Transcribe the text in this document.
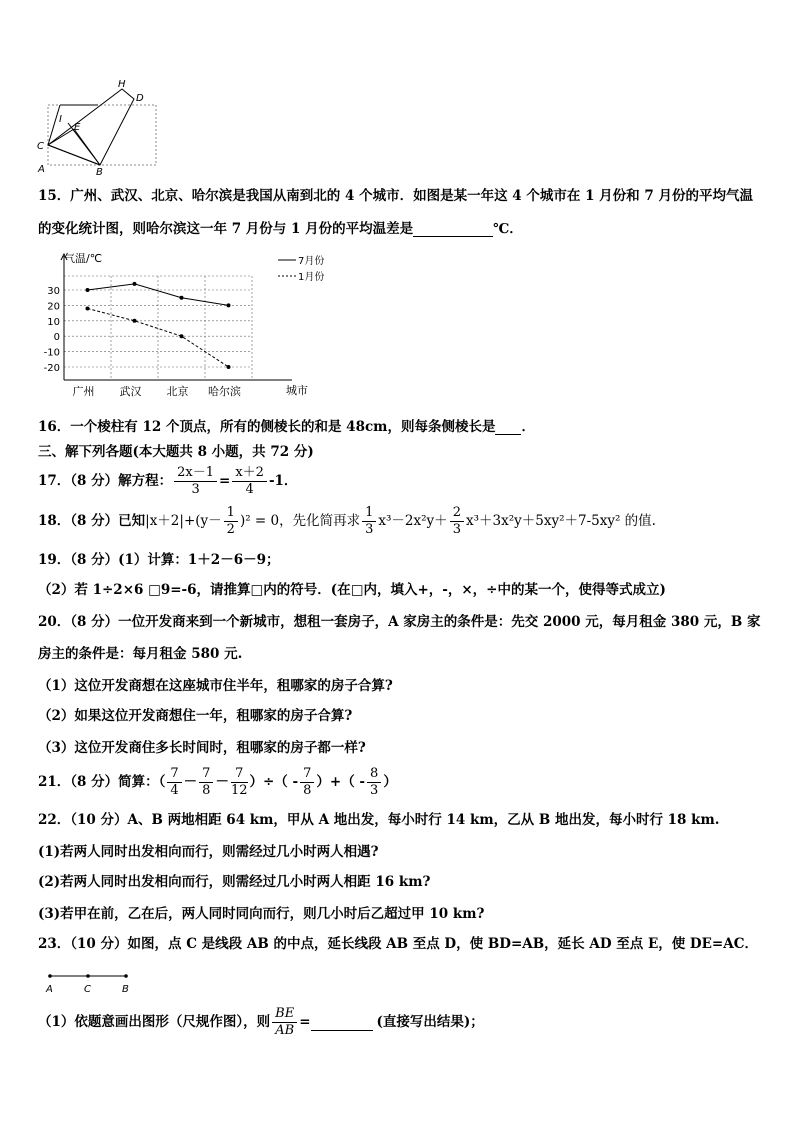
H
D
I
E
C
A	B
15．广州、武汉、北京、哈尔滨是我国从南到北的 4 个城市．如图是某一年这 4 个城市在 1 月份和 7 月份的平均气温
的变化统计图，则哈尔滨这一年 7 月份与 1 月份的平均温差是	℃．
30
20
10
0
-10
-20
气温/℃
城市
广州 武汉 北京 哈尔滨
7月份
1月份
16．一个棱柱有 12 个顶点，所有的侧棱长的和是 48cm，则每条侧棱长是 ．
三、解下列各题(本大题共 8 小题，共 72 分)
17．（8 分）解方程： $\frac{2x-1}{3} = \frac{x+2}{4} -1$．
18．（8 分）已知 $|x+2| + (y- \frac{1}{2} )^2 = 0$，先化简再求 $\frac{1}{3} x^3-2x^2y+ \frac{2}{3} x^3+3x^2y+5xy^2+7-5xy^2$ 的值.
19．（8 分）(1）计算：1＋2－6－9；
（2）若 1÷2×6 □9=-6，请推算□内的符号．(在□内，填入+，-，×，÷中的某一个，使得等式成立)
20．（8 分）一位开发商来到一个新城市，想租一套房子，A 家房主的条件是：先交 2000 元，每月租金 380 元，B 家
房主的条件是：每月租金 580 元.
（1）这位开发商想在这座城市住半年，租哪家的房子合算?
（2）如果这位开发商想住一年，租哪家的房子合算?
（3）这位开发商住多长时间时，租哪家的房子都一样?
21．（8 分）简算：（ $\frac{7}{4} - \frac{7}{8} - \frac{7}{12}$ ）÷（ - $\frac{7}{8}$ ）+（ - $\frac{8}{3}$ ）
22．（10 分）A、B 两地相距 64 km，甲从 A 地出发，每小时行 14 km，乙从 B 地出发，每小时行 18 km.
(1)若两人同时出发相向而行，则需经过几小时两人相遇?
(2)若两人同时出发相向而行，则需经过几小时两人相距 16 km?
(3)若甲在前，乙在后，两人同时同向而行，则几小时后乙超过甲 10 km?
23．（10 分）如图，点 C 是线段 AB 的中点，延长线段 AB 至点 D，使 BD=AB，延长 AD 至点 E，使 DE=AC．
A	C	B
（1）依题意画出图形（尺规作图），则 $\frac{BE}{AB}$ =	(直接写出结果)；
